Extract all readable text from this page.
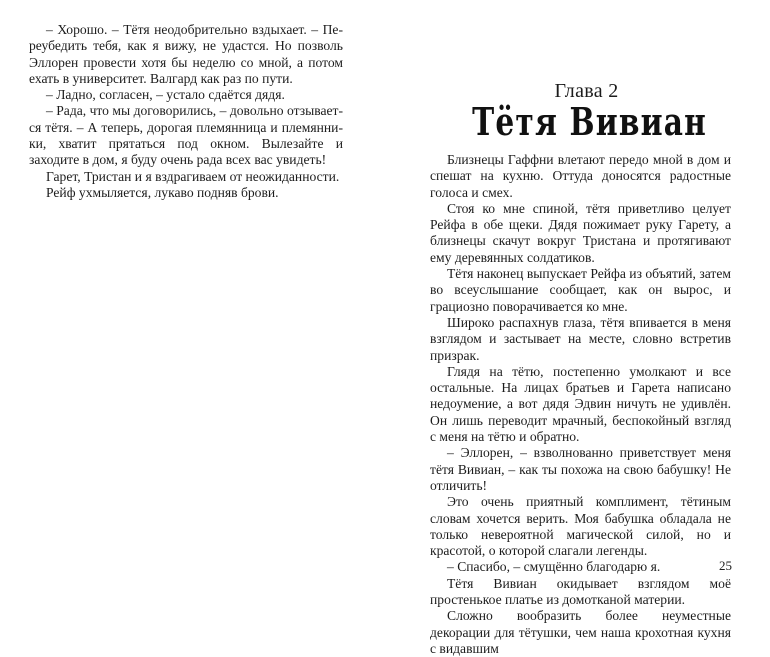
– Хорошо. – Тётя неодобрительно вздыхает. – Переубедить тебя, как я вижу, не удастся. Но позволь Эллорен провести хотя бы неделю со мной, а потом ехать в университет. Валгард как раз по пути.

– Ладно, согласен, – устало сдаётся дядя.

– Рада, что мы договорились, – довольно отзывается тётя. – А теперь, дорогая племянница и племянники, хватит прятаться под окном. Вылезайте и заходите в дом, я буду очень рада всех вас увидеть!

Гарет, Тристан и я вздрагиваем от неожиданности.

Рейф ухмыляется, лукаво подняв брови.

Глава 2
Тётя Вивиан

Близнецы Гаффни влетают передо мной в дом и спешат на кухню. Оттуда доносятся радостные голоса и смех.

Стоя ко мне спиной, тётя приветливо целует Рейфа в обе щеки. Дядя пожимает руку Гарету, а близнецы скачут вокруг Тристана и протягивают ему деревянных солдатиков.

Тётя наконец выпускает Рейфа из объятий, затем во всеуслышание сообщает, как он вырос, и грациозно поворачивается ко мне.

Широко распахнув глаза, тётя впивается в меня взглядом и застывает на месте, словно встретив призрак.

Глядя на тётю, постепенно умолкают и все остальные. На лицах братьев и Гарета написано недоумение, а вот дядя Эдвин ничуть не удивлён. Он лишь переводит мрачный, беспокойный взгляд с меня на тётю и обратно.

– Эллорен, – взволнованно приветствует меня тётя Вивиан, – как ты похожа на свою бабушку! Не отличить!

Это очень приятный комплимент, тётиным словам хочется верить. Моя бабушка обладала не только невероятной магической силой, но и красотой, о которой слагали легенды.

– Спасибо, – смущённо благодарю я.

Тётя Вивиан окидывает взглядом моё простенькое платье из домотканой материи.

Сложно вообразить более неуместные декорации для тётушки, чем наша крохотная кухня с видавшим

25
